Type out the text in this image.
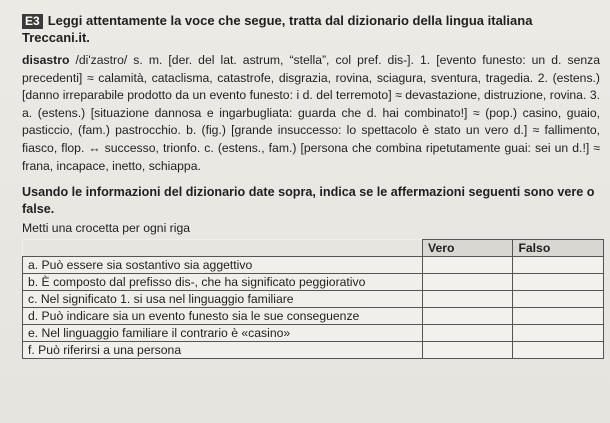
E3 Leggi attentamente la voce che segue, tratta dal dizionario della lingua italiana Treccani.it.
disastro /di'zastro/ s. m. [der. del lat. astrum, “stella”, col pref. dis-]. 1. [evento funesto: un d. senza precedenti] ≈ calamità, cataclisma, catastrofe, disgrazia, rovina, sciagura, sventura, tragedia. 2. (estens.) [danno irreparabile prodotto da un evento funesto: i d. del terremoto] ≈ devastazione, distruzione, rovina. 3. a. (estens.) [situazione dannosa e ingarbugliata: guarda che d. hai combinato!] ≈ (pop.) casino, guaio, pasticcio, (fam.) pastrocchio. b. (fig.) [grande insuccesso: lo spettacolo è stato un vero d.] ≈ fallimento, fiasco, flop. ↔ successo, trionfo. c. (estens., fam.) [persona che combina ripetutamente guai: sei un d.!] ≈ frana, incapace, inetto, schiappa.
Usando le informazioni del dizionario date sopra, indica se le affermazioni seguenti sono vere o false.
Metti una crocetta per ogni riga
	Vero	Falso
a. Può essere sia sostantivo sia aggettivo		
b. È composto dal prefisso dis-, che ha significato peggiorativo		
c. Nel significato 1. si usa nel linguaggio familiare		
d. Può indicare sia un evento funesto sia le sue conseguenze		
e. Nel linguaggio familiare il contrario è «casino»		
f. Può riferirsi a una persona		
